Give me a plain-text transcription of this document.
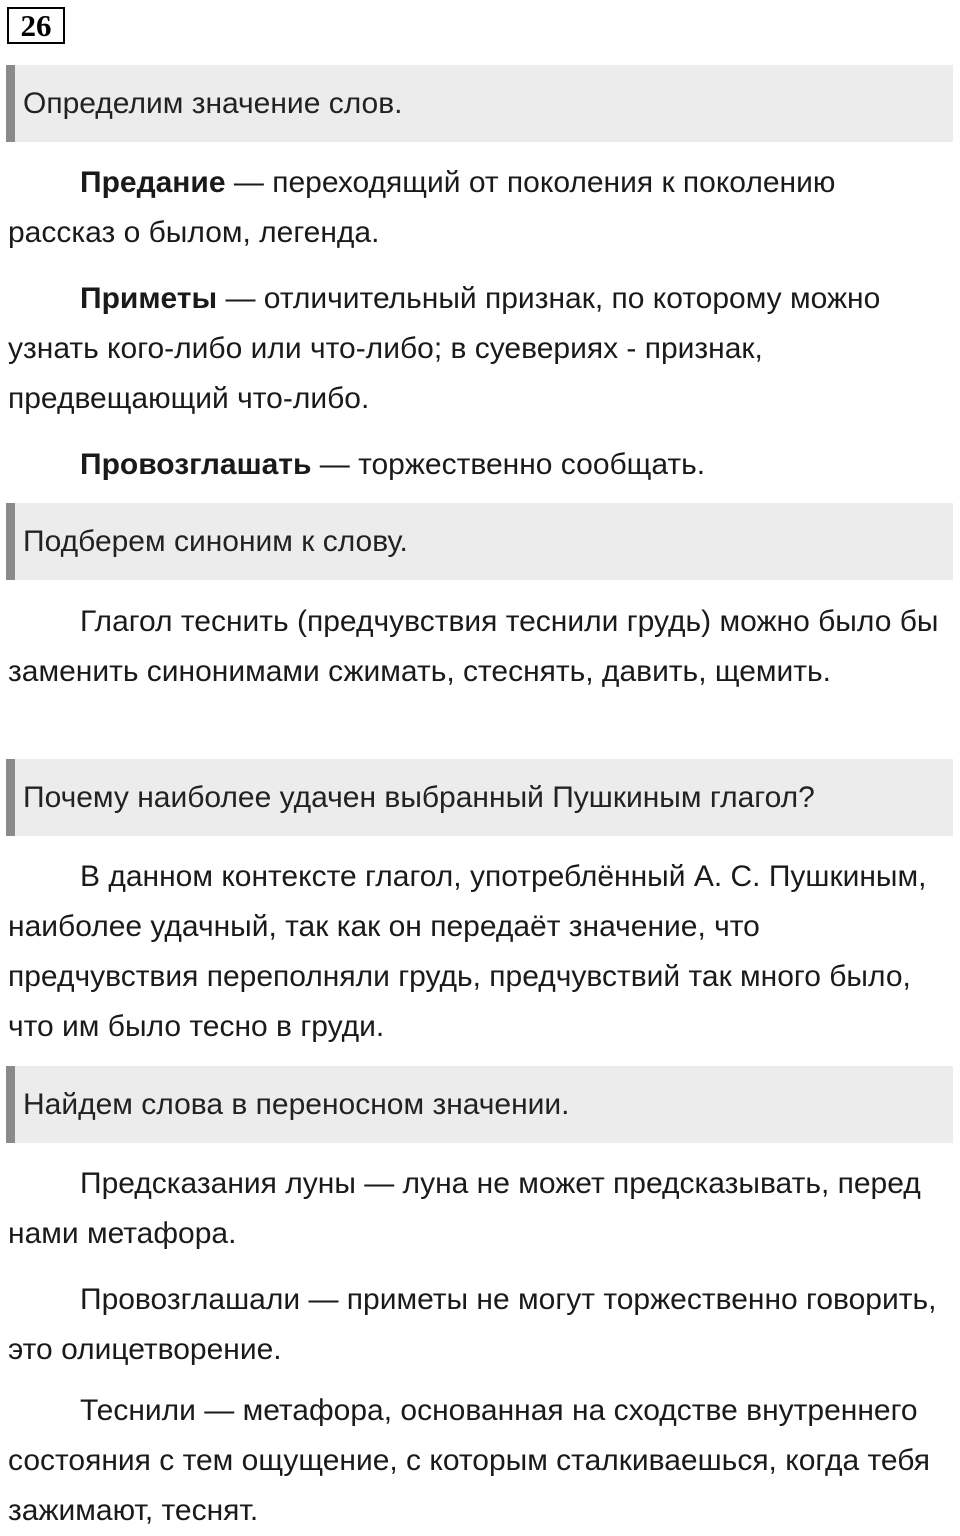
26
Определим значение слов.

Предание — переходящий от поколения к поколению рассказ о былом, легенда.

Приметы — отличительный признак, по которому можно узнать кого-либо или что-либо; в суевериях - признак, предвещающий что-либо.

Провозглашать — торжественно сообщать.

Подберем синоним к слову.

Глагол теснить (предчувствия теснили грудь) можно было бы заменить синонимами сжимать, стеснять, давить, щемить.

Почему наиболее удачен выбранный Пушкиным глагол?

В данном контексте глагол, употреблённый А. С. Пушкиным, наиболее удачный, так как он передаёт значение, что предчувствия переполняли грудь, предчувствий так много было, что им было тесно в груди.

Найдем слова в переносном значении.

Предсказания луны — луна не может предсказывать, перед нами метафора.

Провозглашали — приметы не могут торжественно говорить, это олицетворение.

Теснили — метафора, основанная на сходстве внутреннего состояния с тем ощущение, с которым сталкиваешься, когда тебя зажимают, теснят.
